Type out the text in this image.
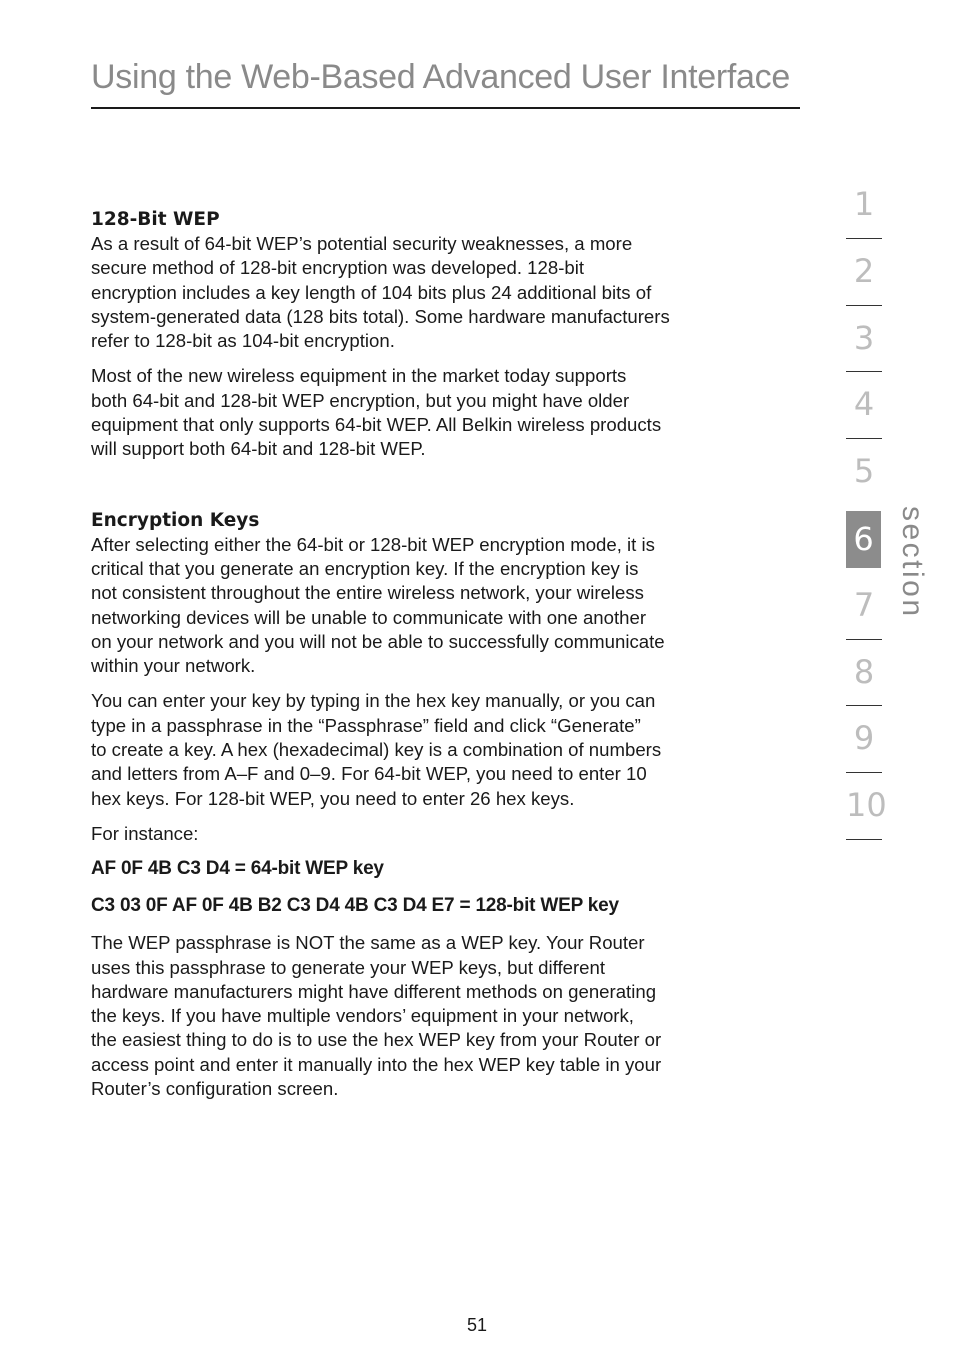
Using the Web-Based Advanced User Interface
128-Bit WEP

As a result of 64-bit WEP’s potential security weaknesses, a more
secure method of 128-bit encryption was developed. 128-bit
encryption includes a key length of 104 bits plus 24 additional bits of
system-generated data (128 bits total). Some hardware manufacturers
refer to 128-bit as 104-bit encryption.

Most of the new wireless equipment in the market today supports
both 64-bit and 128-bit WEP encryption, but you might have older
equipment that only supports 64-bit WEP. All Belkin wireless products
will support both 64-bit and 128-bit WEP.

Encryption Keys

After selecting either the 64-bit or 128-bit WEP encryption mode, it is
critical that you generate an encryption key. If the encryption key is
not consistent throughout the entire wireless network, your wireless
networking devices will be unable to communicate with one another
on your network and you will not be able to successfully communicate
within your network.

You can enter your key by typing in the hex key manually, or you can
type in a passphrase in the “Passphrase” field and click “Generate”
to create a key. A hex (hexadecimal) key is a combination of numbers
and letters from A–F and 0–9. For 64-bit WEP, you need to enter 10
hex keys. For 128-bit WEP, you need to enter 26 hex keys.

For instance:

AF 0F 4B C3 D4 = 64-bit WEP key
C3 03 0F AF 0F 4B B2 C3 D4 4B C3 D4 E7 = 128-bit WEP key

The WEP passphrase is NOT the same as a WEP key. Your Router
uses this passphrase to generate your WEP keys, but different
hardware manufacturers might have different methods on generating
the keys. If you have multiple vendors’ equipment in your network,
the easiest thing to do is to use the hex WEP key from your Router or
access point and enter it manually into the hex WEP key table in your
Router’s configuration screen.

1
2
3
4
5
7
8
9
10
6 section
51
